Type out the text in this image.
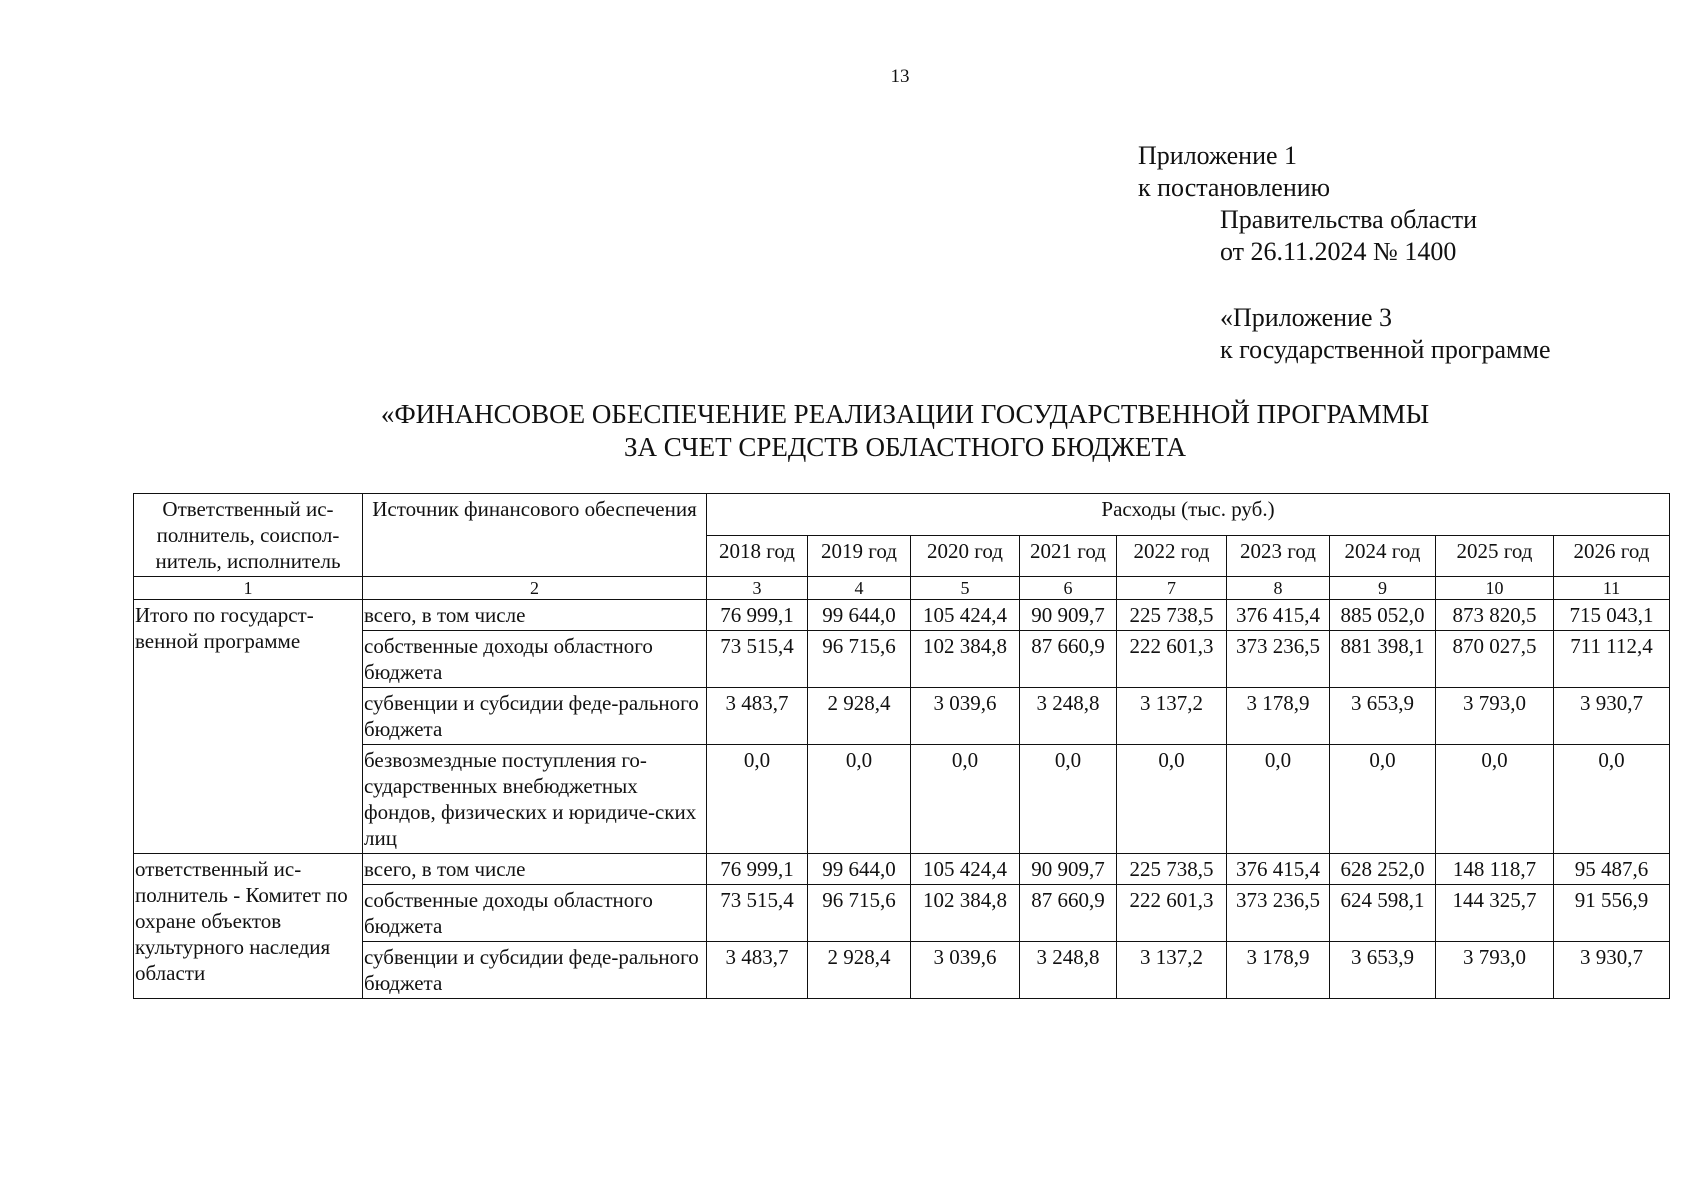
13
Приложение 1
к постановлению
Правительства области
от 26.11.2024 № 1400
«Приложение 3
к государственной программе
«ФИНАНСОВОЕ ОБЕСПЕЧЕНИЕ РЕАЛИЗАЦИИ ГОСУДАРСТВЕННОЙ ПРОГРАММЫ
ЗА СЧЕТ СРЕДСТВ ОБЛАСТНОГО БЮДЖЕТА
Ответственный ис-полнитель, соиспол-нитель, исполнитель	Источник финансового обеспечения	Расходы (тыс. руб.)								
		2018 год	2019 год	2020 год	2021 год	2022 год	2023 год	2024 год	2025 год	2026 год
1	2	3	4	5	6	7	8	9	10	11
Итого по государст-венной программе	всего, в том числе	76 999,1	99 644,0	105 424,4	90 909,7	225 738,5	376 415,4	885 052,0	873 820,5	715 043,1
	собственные доходы областного бюджета	73 515,4	96 715,6	102 384,8	87 660,9	222 601,3	373 236,5	881 398,1	870 027,5	711 112,4
	субвенции и субсидии феде-рального бюджета	3 483,7	2 928,4	3 039,6	3 248,8	3 137,2	3 178,9	3 653,9	3 793,0	3 930,7
	безвозмездные поступления го-сударственных внебюджетных фондов, физических и юридиче-ских лиц	0,0	0,0	0,0	0,0	0,0	0,0	0,0	0,0	0,0
ответственный ис-полнитель - Комитет по охране объектов культурного наследия области	всего, в том числе	76 999,1	99 644,0	105 424,4	90 909,7	225 738,5	376 415,4	628 252,0	148 118,7	95 487,6
	собственные доходы областного бюджета	73 515,4	96 715,6	102 384,8	87 660,9	222 601,3	373 236,5	624 598,1	144 325,7	91 556,9
	субвенции и субсидии феде-рального бюджета	3 483,7	2 928,4	3 039,6	3 248,8	3 137,2	3 178,9	3 653,9	3 793,0	3 930,7
